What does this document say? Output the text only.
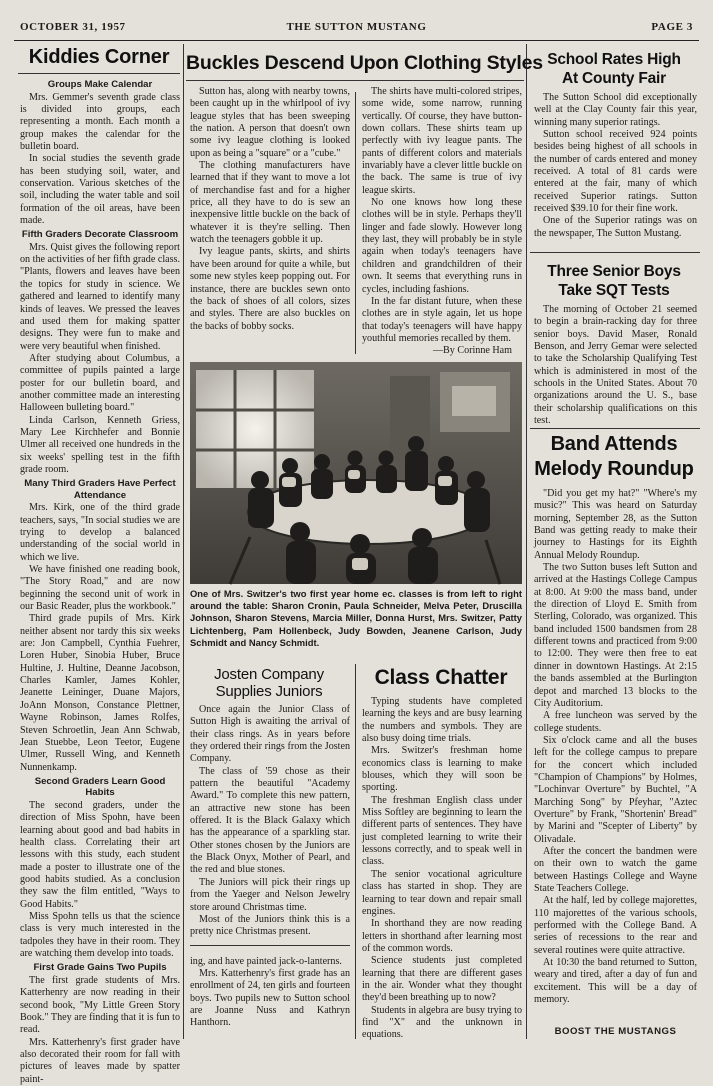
OCTOBER 31, 1957	THE SUTTON MUSTANG	PAGE 3
Kiddies Corner
Groups Make Calendar

Mrs. Gemmer's seventh grade class is divided into groups, each representing a month. Each month a group makes the calendar for the bulletin board.

In social studies the seventh grade has been studying soil, water, and conservation. Various sketches of the soil, including the water table and soil formation of the oil areas, have been made.

Fifth Graders Decorate Classroom

Mrs. Quist gives the following report on the activities of her fifth grade class. "Plants, flowers and leaves have been the topics for study in science. We gathered and learned to identify many kinds of leaves. We pressed the leaves and used them for making spatter designs. They were fun to make and were very beautiful when finished.

After studying about Columbus, a committee of pupils painted a large poster for our bulletin board, and another committee made an interesting Halloween bulleting board."

Linda Carlson, Kenneth Griess, Mary Lee Kirchhefer and Bonnie Ulmer all received one hundreds in the six weeks' spelling test in the fifth grade room.

Many Third Graders Have Perfect Attendance

Mrs. Kirk, one of the third grade teachers, says, "In social studies we are trying to develop a balanced understanding of the social world in which we live.

We have finished one reading book, "The Story Road," and are now beginning the second unit of work in our Basic Reader, plus the workbook."

Third grade pupils of Mrs. Kirk neither absent nor tardy this six weeks are: Jon Campbell, Cynthia Fuehrer, Loren Huber, Sinobia Huber, Bruce Hultine, J. Hultine, Deanne Jacobson, Charles Kamler, James Kohler, Jeanette Leininger, Duane Majors, JoAnn Monson, Constance Plettner, Wayne Robinson, James Rolfes, Steven Schroetlin, Jean Ann Schwab, Jean Stuebbe, Leon Teetor, Eugene Ulmer, Russell Wing, and Kenneth Nunnenkamp.

Second Graders Learn Good Habits

The second graders, under the direction of Miss Spohn, have been learning about good and bad habits in health class. Correlating their art lessons with this study, each student made a poster to illustrate one of the good habits studied. As a conclusion they saw the film entitled, "Ways to Good Habits."

Miss Spohn tells us that the science class is very much interested in the tadpoles they have in their room. They are watching them develop into toads.

First Grade Gains Two Pupils

The first grade students of Mrs. Katterhenry are now reading in their second book, "My Little Green Story Book." They are finding that it is fun to read.

Mrs. Katterhenry's first grader have also decorated their room for fall with pictures of leaves made by spatter paint-

Buckles Descend Upon Clothing Styles

Sutton has, along with nearby towns, been caught up in the whirlpool of ivy league styles that has been sweeping the nation. A person that doesn't own some ivy league clothing is looked upon as being a "square" or a "cube."

The clothing manufacturers have learned that if they want to move a lot of merchandise fast and for a higher price, all they have to do is sew an inexpensive little buckle on the back of whatever it is they're selling. Then watch the teenagers gobble it up.

Ivy league pants, skirts, and shirts have been around for quite a while, but some new styles keep popping out. For instance, there are buckles sewn onto the back of shoes of all colors, sizes and styles. There are also buckles on the backs of bobby socks.

The shirts have multi-colored stripes, some wide, some narrow, running vertically. Of course, they have button-down collars. These shirts team up perfectly with ivy league pants. The pants of different colors and materials invariably have a clever little buckle on the back. The same is true of ivy league skirts.

No one knows how long these clothes will be in style. Perhaps they'll linger and fade slowly. However long they last, they will probably be in style again when today's teenagers have children and grandchildren of their own. It seems that everything runs in cycles, including fashions.

In the far distant future, when these clothes are in style again, let us hope that today's teenagers will have happy youthful memories recalled by them.

—By Corinne Ham

One of Mrs. Switzer's two first year home ec. classes is from left to right around the table: Sharon Cronin, Paula Schneider, Melva Peter, Druscilla Johnson, Sharon Stevens, Marcia Miller, Donna Hurst, Mrs. Switzer, Patty Lichtenberg, Pam Hollenbeck, Judy Bowden, Jeanene Carlson, Judy Schmidt and Nancy Schmidt.
Josten Company
Supplies Juniors

Once again the Junior Class of Sutton High is awaiting the arrival of their class rings. As in years before they ordered their rings from the Josten Company.

The class of '59 chose as their pattern the beautiful "Academy Award." To complete this new pattern, an attractive new stone has been offered. It is the Black Galaxy which has the appearance of a sparkling star. Other stones chosen by the Juniors are the Black Onyx, Mother of Pearl, and the red and blue stones.

The Juniors will pick their rings up from the Yaeger and Nelson Jewelry store around Christmas time.

Most of the Juniors think this is a pretty nice Christmas present.

ing, and have painted jack-o-lanterns.

Mrs. Katterhenry's first grade has an enrollment of 24, ten girls and fourteen boys. Two pupils new to Sutton school are Joanne Nuss and Kathryn Hanthorn.

Class Chatter

Typing students have completed learning the keys and are busy learning the numbers and symbols. They are also busy doing time trials.

Mrs. Switzer's freshman home economics class is learning to make blouses, which they will soon be sporting.

The freshman English class under Miss Softley are beginning to learn the different parts of sentences. They have just completed learning to write their lessons correctly, and to speak well in class.

The senior vocational agriculture class has started in shop. They are learning to tear down and repair small engines.

In shorthand they are now reading letters in shorthand after learning most of the common words.

Science students just completed learning that there are different gases in the air. Wonder what they thought they'd been breathing up to now?

Students in algebra are busy trying to find "X" and the unknown in equations.

School Rates High
At County Fair

The Sutton School did exceptionally well at the Clay County fair this year, winning many superior ratings.

Sutton school received 924 points besides being highest of all schools in the number of cards entered and money received. A total of 81 cards were entered at the fair, many of which received Superior ratings. Sutton received $39.10 for their fine work.

One of the Superior ratings was on the newspaper, The Sutton Mustang.

Three Senior Boys
Take SQT Tests

The morning of October 21 seemed to begin a brain-racking day for three senior boys. David Maser, Ronald Benson, and Jerry Gemar were selected to take the Scholarship Qualifying Test which is administered in most of the schools in the United States. About 70 organizations around the U. S., base their scholarship qualifications on this test.

Band Attends
Melody Roundup

"Did you get my hat?" "Where's my music?" This was heard on Saturday morning, September 28, as the Sutton Band was getting ready to make their journey to Hastings for its Eighth Annual Melody Roundup.

The two Sutton buses left Sutton and arrived at the Hastings College Campus at 8:00. At 9:00 the mass band, under the direction of Lloyd E. Smith from Sterling, Colorado, was organized. This band included 1500 bandsmen from 28 different towns and practiced from 9:00 to 12:00. They were then free to eat dinner in downtown Hastings. At 2:15 the bands assembled at the Burlington depot and marched 13 blocks to the City Auditorium.

A free luncheon was served by the college students.

Six o'clock came and all the buses left for the college campus to prepare for the concert which included "Champion of Champions" by Holmes, "Lochinvar Overture" by Buchtel, "A Marching Song" by Pfeyhar, "Aztec Overture" by Frank, "Shortenin' Bread" by Marini and "Scepter of Liberty" by Olivadale.

After the concert the bandmen were on their own to watch the game between Hastings College and Wayne State Teachers College.

At the half, led by college majorettes, 110 majorettes of the various schools, performed with the College Band. A series of recessions to the rear and several routines were quite attractive.

At 10:30 the band returned to Sutton, weary and tired, after a day of fun and excitement. This will be a day of memory.

BOOST THE MUSTANGS
